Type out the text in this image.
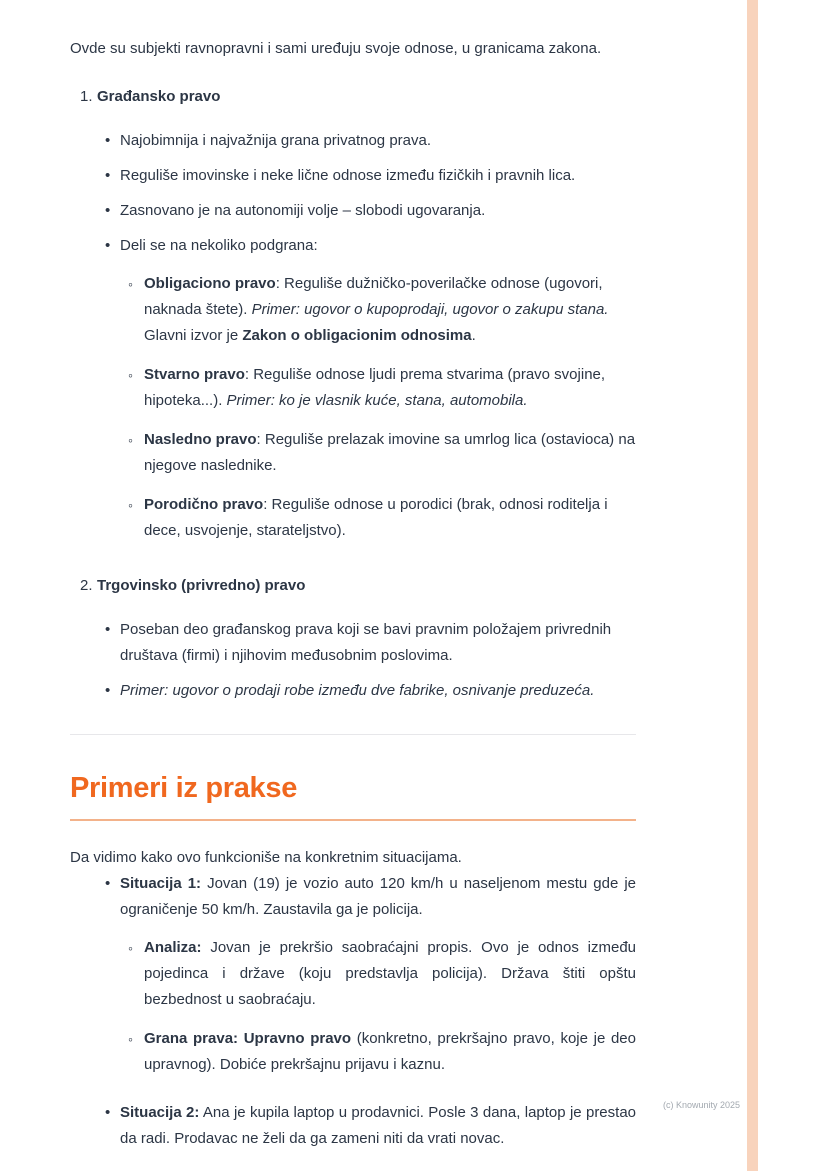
Ovde su subjekti ravnopravni i sami uređuju svoje odnose, u granicama zakona.

1. Građansko pravo
•
Najobimnija i najvažnija grana privatnog prava.
•
Reguliše imovinske i neke lične odnose između fizičkih i pravnih lica.
•
Zasnovano je na autonomiji volje – slobodi ugovaranja.
•

Deli se na nekoliko podgrana:

◦
Obligaciono pravo: Reguliše dužničko-poverilačke odnose (ugovori, naknada štete). Primer: ugovor o kupoprodaji, ugovor o zakupu stana. Glavni izvor je Zakon o obligacionim odnosima.
◦
Stvarno pravo: Reguliše odnose ljudi prema stvarima (pravo svojine, hipoteka...). Primer: ko je vlasnik kuće, stana, automobila.
◦
Nasledno pravo: Reguliše prelazak imovine sa umrlog lica (ostavioca) na njegove naslednike.
◦
Porodično pravo: Reguliše odnose u porodici (brak, odnosi roditelja i dece, usvojenje, starateljstvo).
2. Trgovinsko (privredno) pravo
•
Poseban deo građanskog prava koji se bavi pravnim položajem privrednih društava (firmi) i njihovim međusobnim poslovima.
•
Primer: ugovor o prodaji robe između dve fabrike, osnivanje preduzeća.
Primeri iz prakse

Da vidimo kako ovo funkcioniše na konkretnim situacijama.

•

Situacija 1: Jovan (19) je vozio auto 120 km/h u naseljenom mestu gde je ograničenje 50 km/h. Zaustavila ga je policija.

◦
Analiza: Jovan je prekršio saobraćajni propis. Ovo je odnos između pojedinca i države (koju predstavlja policija). Država štiti opštu bezbednost u saobraćaju.
◦
Grana prava: Upravno pravo (konkretno, prekršajno pravo, koje je deo upravnog). Dobiće prekršajnu prijavu i kaznu.
•
Situacija 2: Ana je kupila laptop u prodavnici. Posle 3 dana, laptop je prestao da radi. Prodavac ne želi da ga zameni niti da vrati novac.
(c) Knowunity 2025
